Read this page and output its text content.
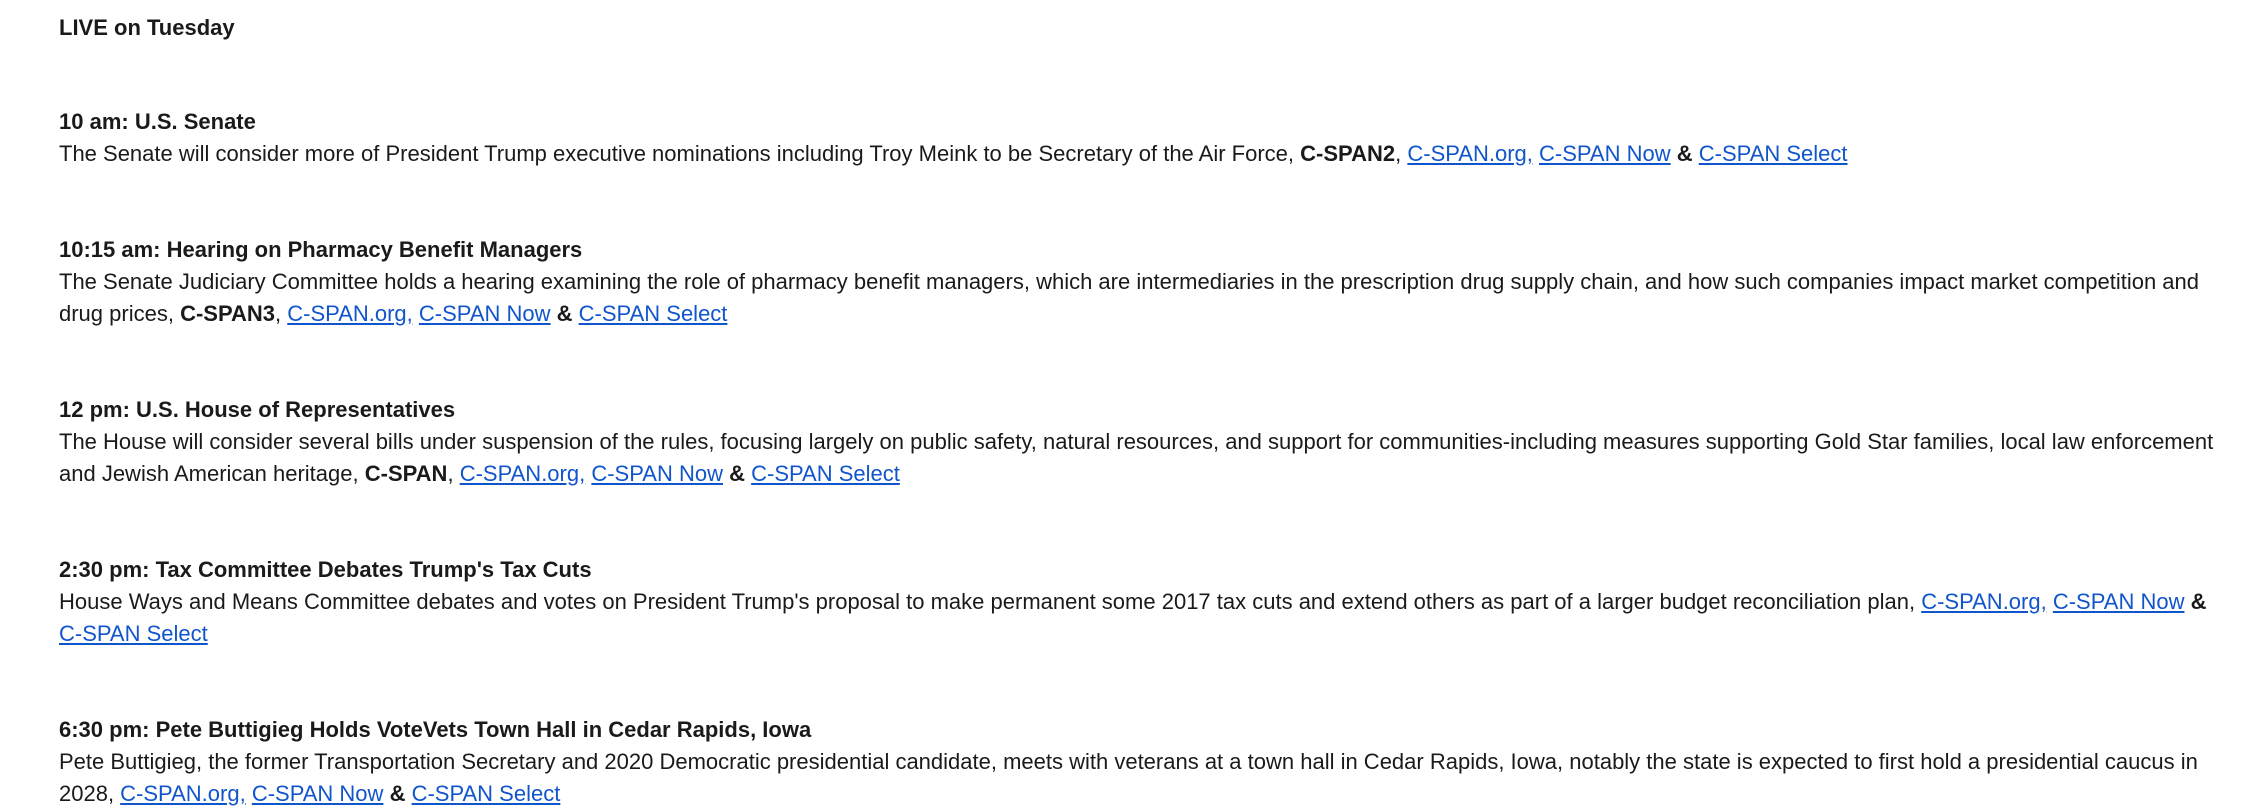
LIVE on Tuesday
10 am: U.S. Senate
The Senate will consider more of President Trump executive nominations including Troy Meink to be Secretary of the Air Force, C-SPAN2, C-SPAN.org, C-SPAN Now & C-SPAN Select
10:15 am: Hearing on Pharmacy Benefit Managers
The Senate Judiciary Committee holds a hearing examining the role of pharmacy benefit managers, which are intermediaries in the prescription drug supply chain, and how such companies impact market competition and drug prices, C-SPAN3, C-SPAN.org, C-SPAN Now & C-SPAN Select
12 pm: U.S. House of Representatives
The House will consider several bills under suspension of the rules, focusing largely on public safety, natural resources, and support for communities-including measures supporting Gold Star families, local law enforcement and Jewish American heritage, C-SPAN, C-SPAN.org, C-SPAN Now & C-SPAN Select
2:30 pm: Tax Committee Debates Trump's Tax Cuts
House Ways and Means Committee debates and votes on President Trump's proposal to make permanent some 2017 tax cuts and extend others as part of a larger budget reconciliation plan, C-SPAN.org, C-SPAN Now & C-SPAN Select
6:30 pm: Pete Buttigieg Holds VoteVets Town Hall in Cedar Rapids, Iowa
Pete Buttigieg, the former Transportation Secretary and 2020 Democratic presidential candidate, meets with veterans at a town hall in Cedar Rapids, Iowa, notably the state is expected to first hold a presidential caucus in 2028, C-SPAN.org, C-SPAN Now & C-SPAN Select
